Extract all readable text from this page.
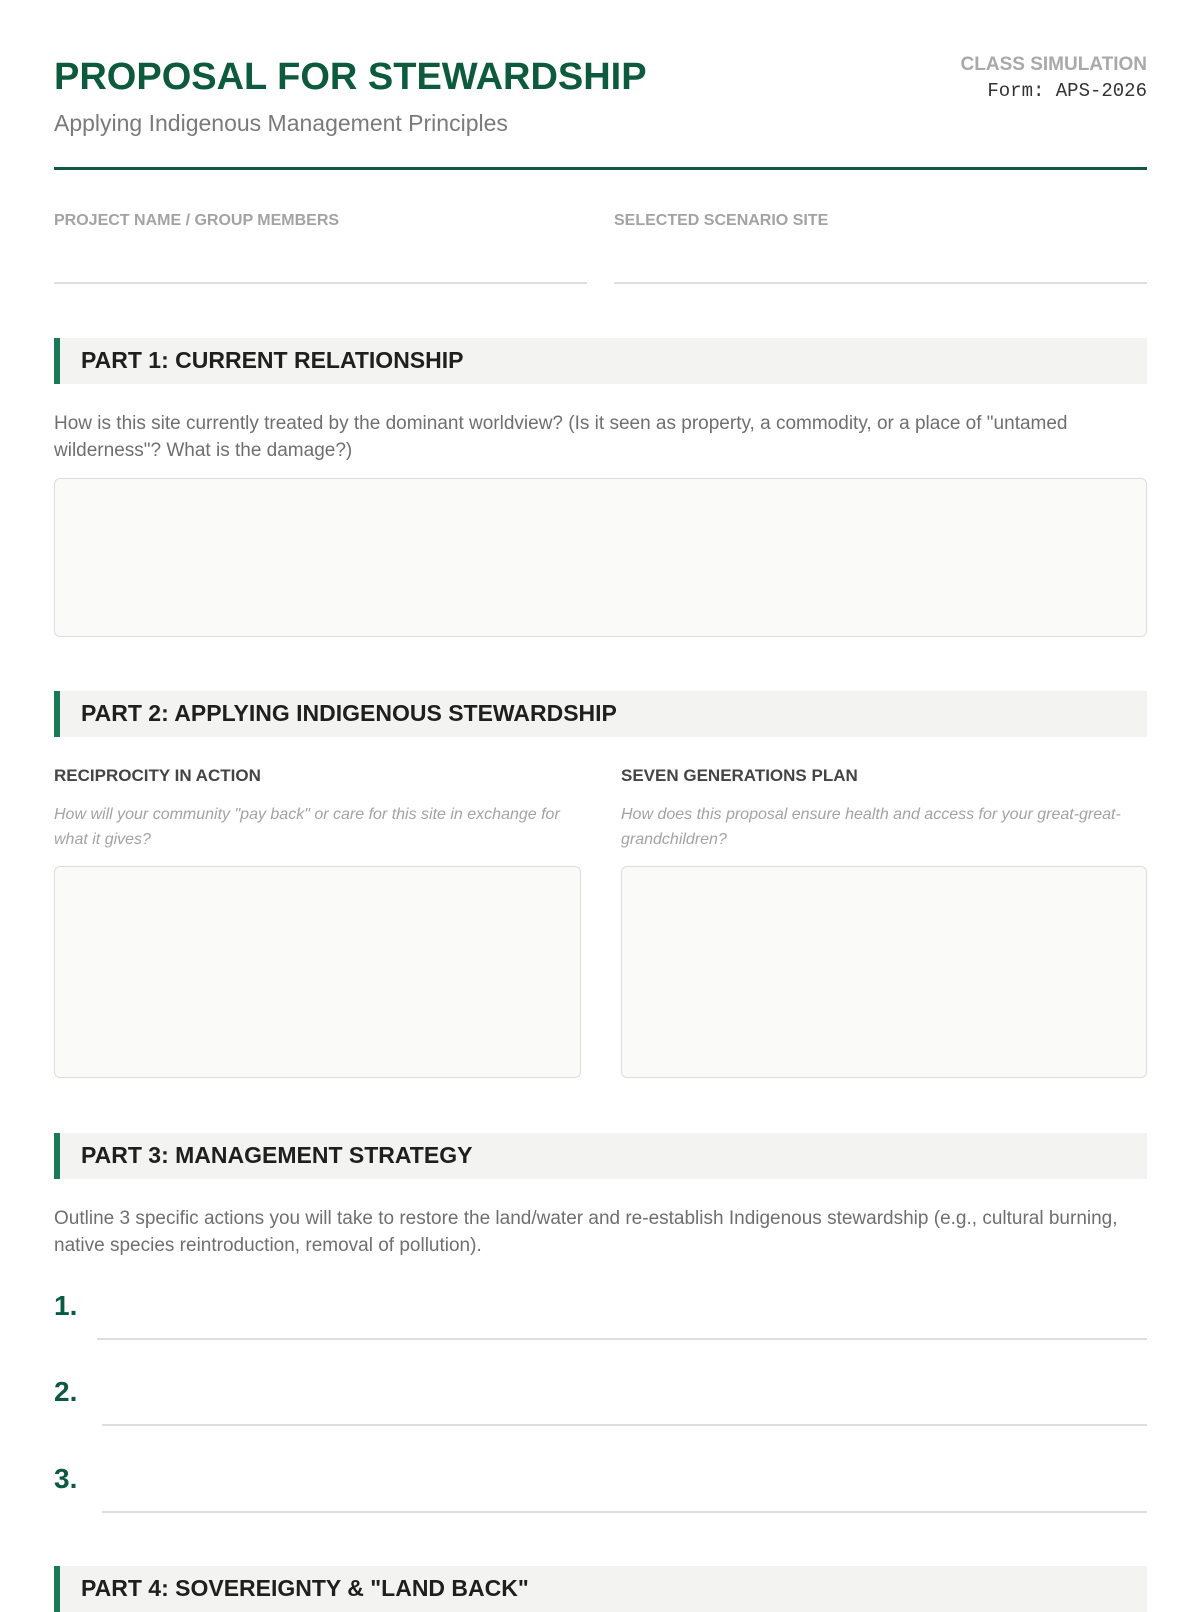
PROPOSAL FOR STEWARDSHIP
Applying Indigenous Management Principles
CLASS SIMULATION
Form: APS-2026
PROJECT NAME / GROUP MEMBERS	SELECTED SCENARIO SITE
PART 1: CURRENT RELATIONSHIP
How is this site currently treated by the dominant worldview? (Is it seen as property, a commodity, or a place of "untamed wilderness"? What is the damage?)
PART 2: APPLYING INDIGENOUS STEWARDSHIP
RECIPROCITY IN ACTION
How will your community "pay back" or care for this site in exchange for what it gives?
SEVEN GENERATIONS PLAN
How does this proposal ensure health and access for your great-great-grandchildren?
PART 3: MANAGEMENT STRATEGY
Outline 3 specific actions you will take to restore the land/water and re-establish Indigenous stewardship (e.g., cultural burning, native species reintroduction, removal of pollution).
1.
2.
3.
PART 4: SOVEREIGNTY & "LAND BACK"
